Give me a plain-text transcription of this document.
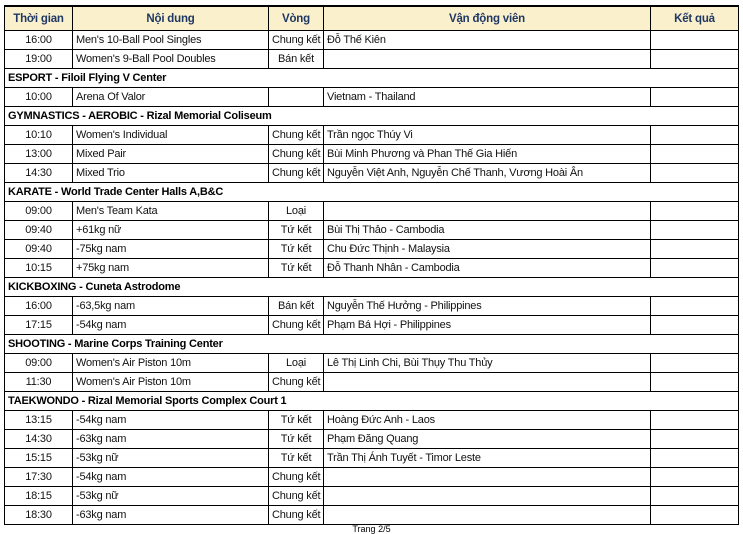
Thời gian	Nội dung	Vòng	Vận động viên	Kết quả
16:00	Men's 10-Ball Pool Singles	Chung kết	Đỗ Thế Kiên	
19:00	Women's 9-Ball Pool Doubles	Bán kết		
ESPORT - Filoil Flying V Center				
10:00	Arena Of Valor		Vietnam - Thailand	
GYMNASTICS - AEROBIC - Rizal Memorial Coliseum				
10:10	Women's Individual	Chung kết	Trần ngọc Thúy Vi	
13:00	Mixed Pair	Chung kết	Bùi Minh Phương và Phan Thế Gia Hiến	
14:30	Mixed Trio	Chung kết	Nguyễn Việt Anh, Nguyễn Chế Thanh, Vương Hoài Ân	
KARATE - World Trade Center Halls A,B&C				
09:00	Men's Team Kata	Loại		
09:40	+61kg nữ	Tứ kết	Bùi Thị Thảo - Cambodia	
09:40	-75kg nam	Tứ kết	Chu Đức Thịnh - Malaysia	
10:15	+75kg nam	Tứ kết	Đỗ Thanh Nhân - Cambodia	
KICKBOXING - Cuneta Astrodome				
16:00	-63,5kg nam	Bán kết	Nguyễn Thế Hưởng - Philippines	
17:15	-54kg nam	Chung kết	Phạm Bá Hợi - Philippines	
SHOOTING - Marine Corps Training Center				
09:00	Women's Air Piston 10m	Loại	Lê Thị Linh Chi, Bùi Thụy Thu Thủy	
11:30	Women's Air Piston 10m	Chung kết		
TAEKWONDO - Rizal Memorial Sports Complex Court 1				
13:15	-54kg nam	Tứ kết	Hoàng Đức Anh - Laos	
14:30	-63kg nam	Tứ kết	Phạm Đăng Quang	
15:15	-53kg nữ	Tứ kết	Trần Thị Ánh Tuyết - Timor Leste	
17:30	-54kg nam	Chung kết		
18:15	-53kg nữ	Chung kết		
18:30	-63kg nam	Chung kết		
Trang 2/5
